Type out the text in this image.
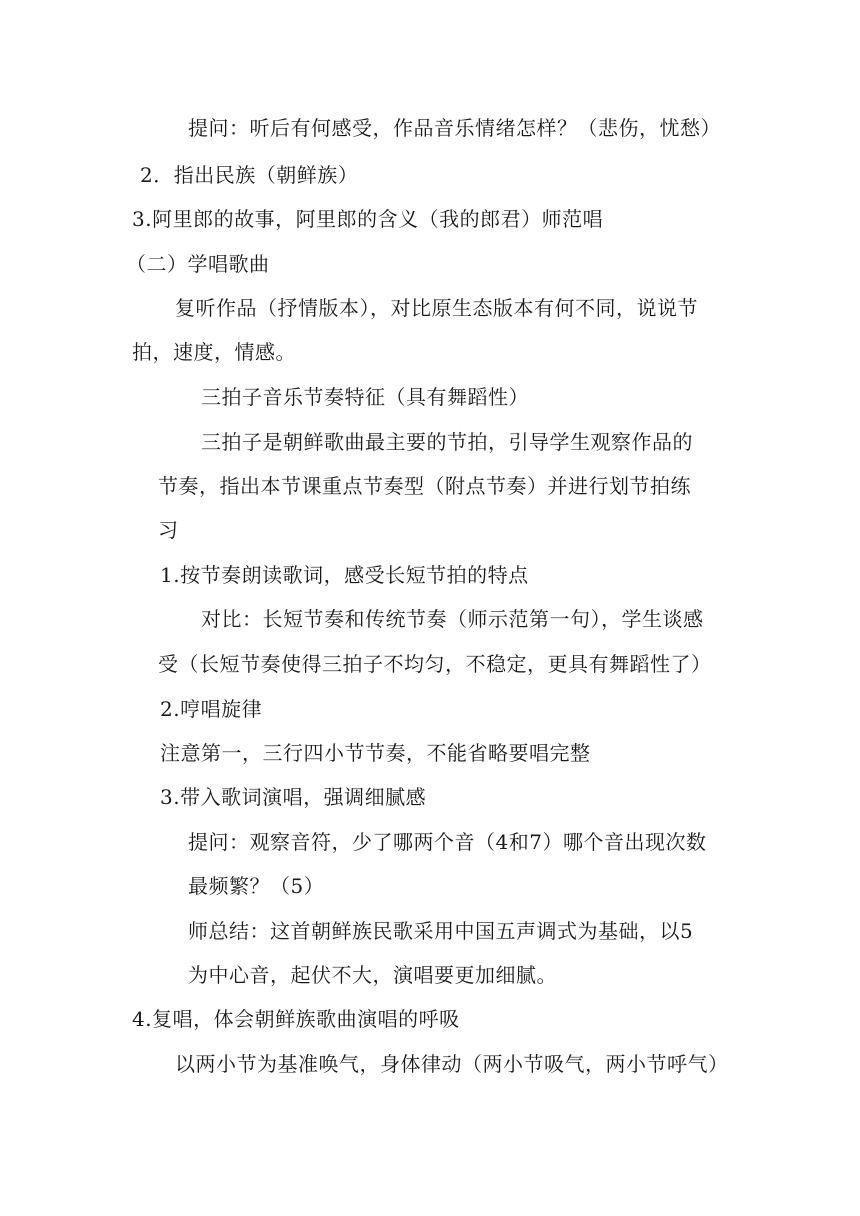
提问：听后有何感受，作品音乐情绪怎样？（悲伤，忧愁）
2．指出民族（朝鲜族）
3.阿里郎的故事，阿里郎的含义（我的郎君）师范唱
（二）学唱歌曲
复听作品（抒情版本），对比原生态版本有何不同，说说节
拍，速度，情感。
三拍子音乐节奏特征（具有舞蹈性）
三拍子是朝鲜歌曲最主要的节拍，引导学生观察作品的
节奏，指出本节课重点节奏型（附点节奏）并进行划节拍练
习
1.按节奏朗读歌词，感受长短节拍的特点
对比：长短节奏和传统节奏（师示范第一句），学生谈感
受（长短节奏使得三拍子不均匀，不稳定，更具有舞蹈性了）
2.哼唱旋律
注意第一，三行四小节节奏，不能省略要唱完整
3.带入歌词演唱，强调细腻感
提问：观察音符，少了哪两个音（4和7）哪个音出现次数
最频繁？（5）
师总结：这首朝鲜族民歌采用中国五声调式为基础，以5
为中心音，起伏不大，演唱要更加细腻。
4.复唱，体会朝鲜族歌曲演唱的呼吸
以两小节为基准唤气，身体律动（两小节吸气，两小节呼气）
